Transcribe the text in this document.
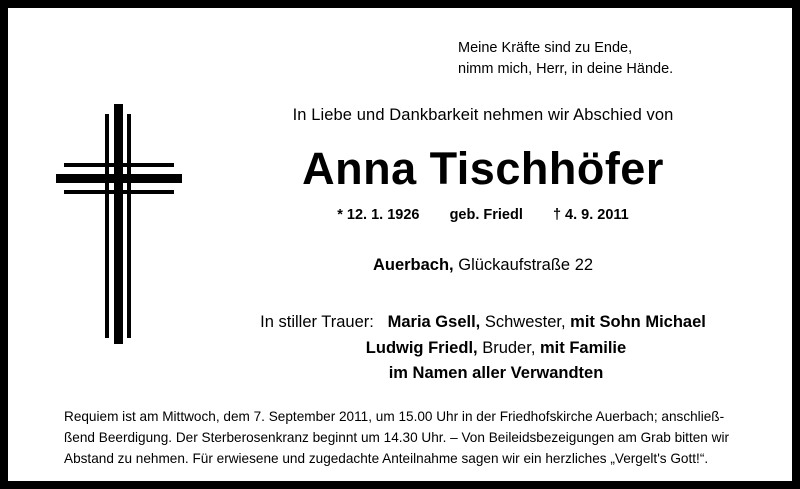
Meine Kräfte sind zu Ende,
nimm mich, Herr, in deine Hände.
In Liebe und Dankbarkeit nehmen wir Abschied von
Anna Tischhöfer
* 12. 1. 1926 geb. Friedl † 4. 9. 2011
Auerbach, Glückaufstraße 22
In stiller Trauer: Maria Gsell, Schwester, mit Sohn Michael
Ludwig Friedl, Bruder, mit Familie
im Namen aller Verwandten
Requiem ist am Mittwoch, dem 7. September 2011, um 15.00 Uhr in der Friedhofskirche Auerbach; anschließ-
ßend Beerdigung. Der Sterberosenkranz beginnt um 14.30 Uhr. – Von Beileidsbezeigungen am Grab bitten wir
Abstand zu nehmen. Für erwiesene und zugedachte Anteilnahme sagen wir ein herzliches „Vergelt's Gott!“.
